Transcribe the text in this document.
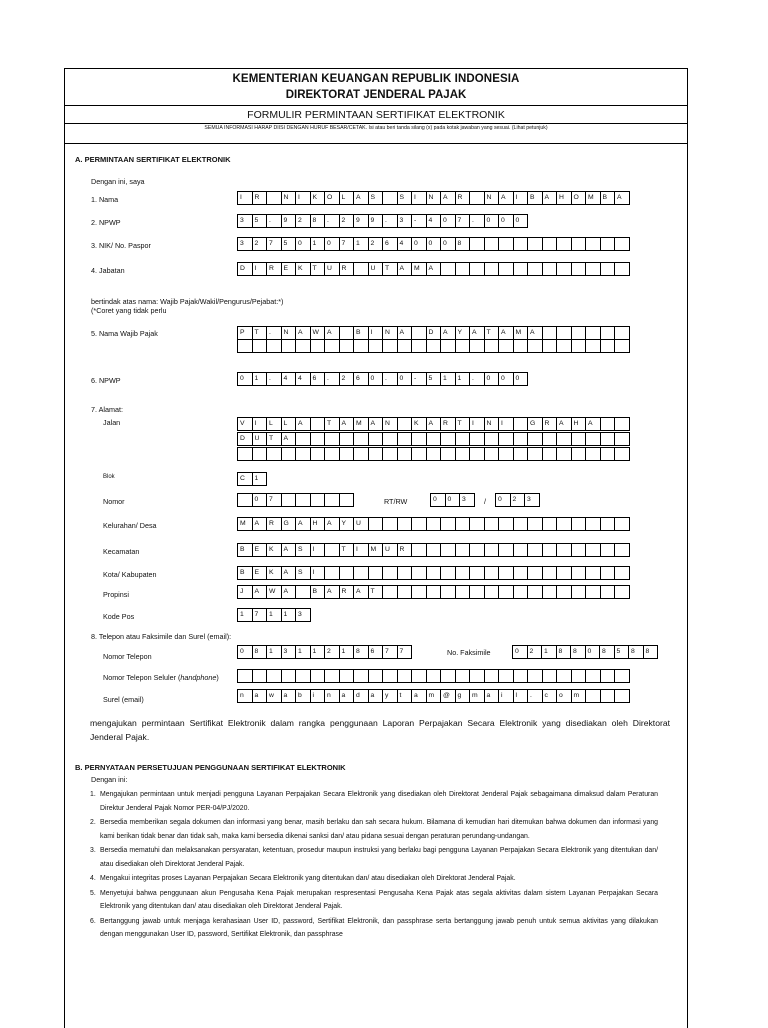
KEMENTERIAN KEUANGAN REPUBLIK INDONESIA
DIREKTORAT JENDERAL PAJAK
FORMULIR PERMINTAAN SERTIFIKAT ELEKTRONIK
SEMUA INFORMASI HARAP DIISI DENGAN HURUF BESAR/CETAK. Isi atau beri tanda silang (x) pada kotak jawaban yang sesuai. (Lihat petunjuk)
A. PERMINTAAN SERTIFIKAT ELEKTRONIK
Dengan ini, saya
1. Nama	I	R	N	I	K	O	L	A	S	S	I	N	A	R	N	A	I	B	A	H	O	M	B	A
2. NPWP	3	5	.	9	2	8	.	2	9	9	.	3	-	4	0	7	.	0	0	0
3. NIK/ No. Paspor	3	2	7	5	0	1	0	7	1	2	6	4	0	0	0	8
4. Jabatan	D	I	R	E	K	T	U	R	U	T	A	M	A
bertindak atas nama: Wajib Pajak/Wakil/Pengurus/Pejabat:*)
(*Coret yang tidak perlu
5. Nama Wajib Pajak	P	T	.	N	A	W	A	B	I	N	A	D	A	Y	A	T	A	M	A
6. NPWP	0	1	.	4	4	6	.	2	6	0	.	0	-	5	1	1	.	0	0	0
7. Alamat:
Jalan	V	I	L	L	A	T	A	M	A	N	K	A	R	T	I	N	I	G	R	A	H	A
D	U	T	A
Blok	C	1
Nomor	0	7	RT/RW	0	0	3	/	0	2	3
Kelurahan/ Desa	M	A	R	G	A	H	A	Y	U
Kecamatan	B	E	K	A	S	I	T	I	M	U	R
Kota/ Kabupaten	B	E	K	A	S	I
Propinsi	J	A	W	A	B	A	R	A	T
Kode Pos	1	7	1	1	3
8. Telepon atau Faksimile dan Surel (email):
Nomor Telepon
0	8	1	3	1	1	2	1	8	6	7	7	No. Faksimile	0	2	1	8	8	0	8	5	8	8
Nomor Telepon Seluler (handphone)
Surel (email)	n	a	w	a	b	i	n	a	d	a	y	t	a	m	@	g	m	a	i	l	.	c	o	m
mengajukan permintaan Sertifikat Elektronik dalam rangka penggunaan Laporan Perpajakan Secara Elektronik yang disediakan oleh Direktorat Jenderal Pajak.
B. PERNYATAAN PERSETUJUAN PENGGUNAAN SERTIFIKAT ELEKTRONIK
Dengan ini:
1. Mengajukan permintaan untuk menjadi pengguna Layanan Perpajakan Secara Elektronik yang disediakan oleh Direktorat Jenderal Pajak sebagaimana dimaksud dalam Peraturan Direktur Jenderal Pajak Nomor PER-04/PJ/2020.
2. Bersedia memberikan segala dokumen dan informasi yang benar, masih berlaku dan sah secara hukum. Bilamana di kemudian hari ditemukan bahwa dokumen dan informasi yang kami berikan tidak benar dan tidak sah, maka kami bersedia dikenai sanksi dan/ atau pidana sesuai dengan peraturan perundang-undangan.
3. Bersedia mematuhi dan melaksanakan persyaratan, ketentuan, prosedur maupun instruksi yang berlaku bagi pengguna Layanan Perpajakan Secara Elektronik yang ditentukan dan/ atau disediakan oleh Direktorat Jenderal Pajak.
4. Mengakui integritas proses Layanan Perpajakan Secara Elektronik yang ditentukan dan/ atau disediakan oleh Direktorat Jenderal Pajak.
5. Menyetujui bahwa penggunaan akun Pengusaha Kena Pajak merupakan respresentasi Pengusaha Kena Pajak atas segala aktivitas dalam sistem Layanan Perpajakan Secara Elektronik yang ditentukan dan/ atau disediakan oleh Direktorat Jenderal Pajak.
6. Bertanggung jawab untuk menjaga kerahasiaan User ID, password, Sertifikat Elektronik, dan passphrase serta bertanggung jawab penuh untuk semua aktivitas yang dilakukan dengan menggunakan User ID, password, Sertifikat Elektronik, dan passphrase
